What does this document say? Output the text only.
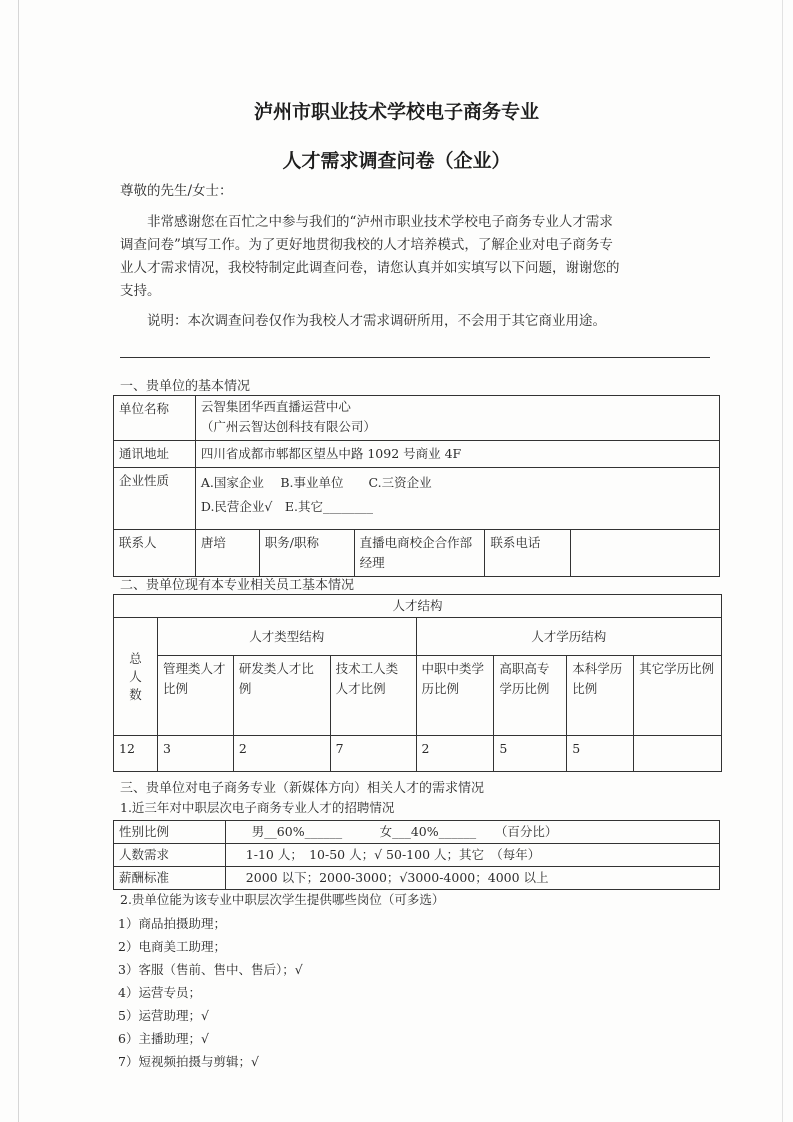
泸州市职业技术学校电子商务专业
人才需求调查问卷（企业）
尊敬的先生/女士：
非常感谢您在百忙之中参与我们的“泸州市职业技术学校电子商务专业人才需求
调查问卷”填写工作。为了更好地贯彻我校的人才培养模式，了解企业对电子商务专
业人才需求情况，我校特制定此调查问卷，请您认真并如实填写以下问题，谢谢您的
支持。
说明：本次调查问卷仅作为我校人才需求调研所用，不会用于其它商业用途。
一、贵单位的基本情况
单位名称	云智集团华西直播运营中心
（广州云智达创科技有限公司）				

通讯地址	四川省成都市郫都区望丛中路 1092 号商业 4F				
企业性质	A.国家企业　 B.事业单位　　C.三资企业
D.民营企业√　E.其它________				

联系人	唐培	职务/职称	直播电商校企合作部经理	联系电话	
二、贵单位现有本专业相关员工基本情况
人才结构							
总人数	人才类型结构			人才学历结构			
	管理类人才比例	研发类人才比例	技术工人类人才比例	中职中类学历比例	高职高专学历比例	本科学历比例	其它学历比例
12	3	2	7	2	5	5	
三、贵单位对电子商务专业（新媒体方向）相关人才的需求情况
1.近三年对中职层次电子商务专业人才的招聘情况
性别比例	男__60%______　　　女___40%______　　（百分比）
人数需求	1-10 人；　10-50 人；√ 50-100 人；其它　（每年）
薪酬标准	2000 以下；2000-3000；√3000-4000；4000 以上
2.贵单位能为该专业中职层次学生提供哪些岗位（可多选）
1）商品拍摄助理；
2）电商美工助理；
3）客服（售前、售中、售后）；√
4）运营专员；
5）运营助理；√
6）主播助理；√
7）短视频拍摄与剪辑；√
